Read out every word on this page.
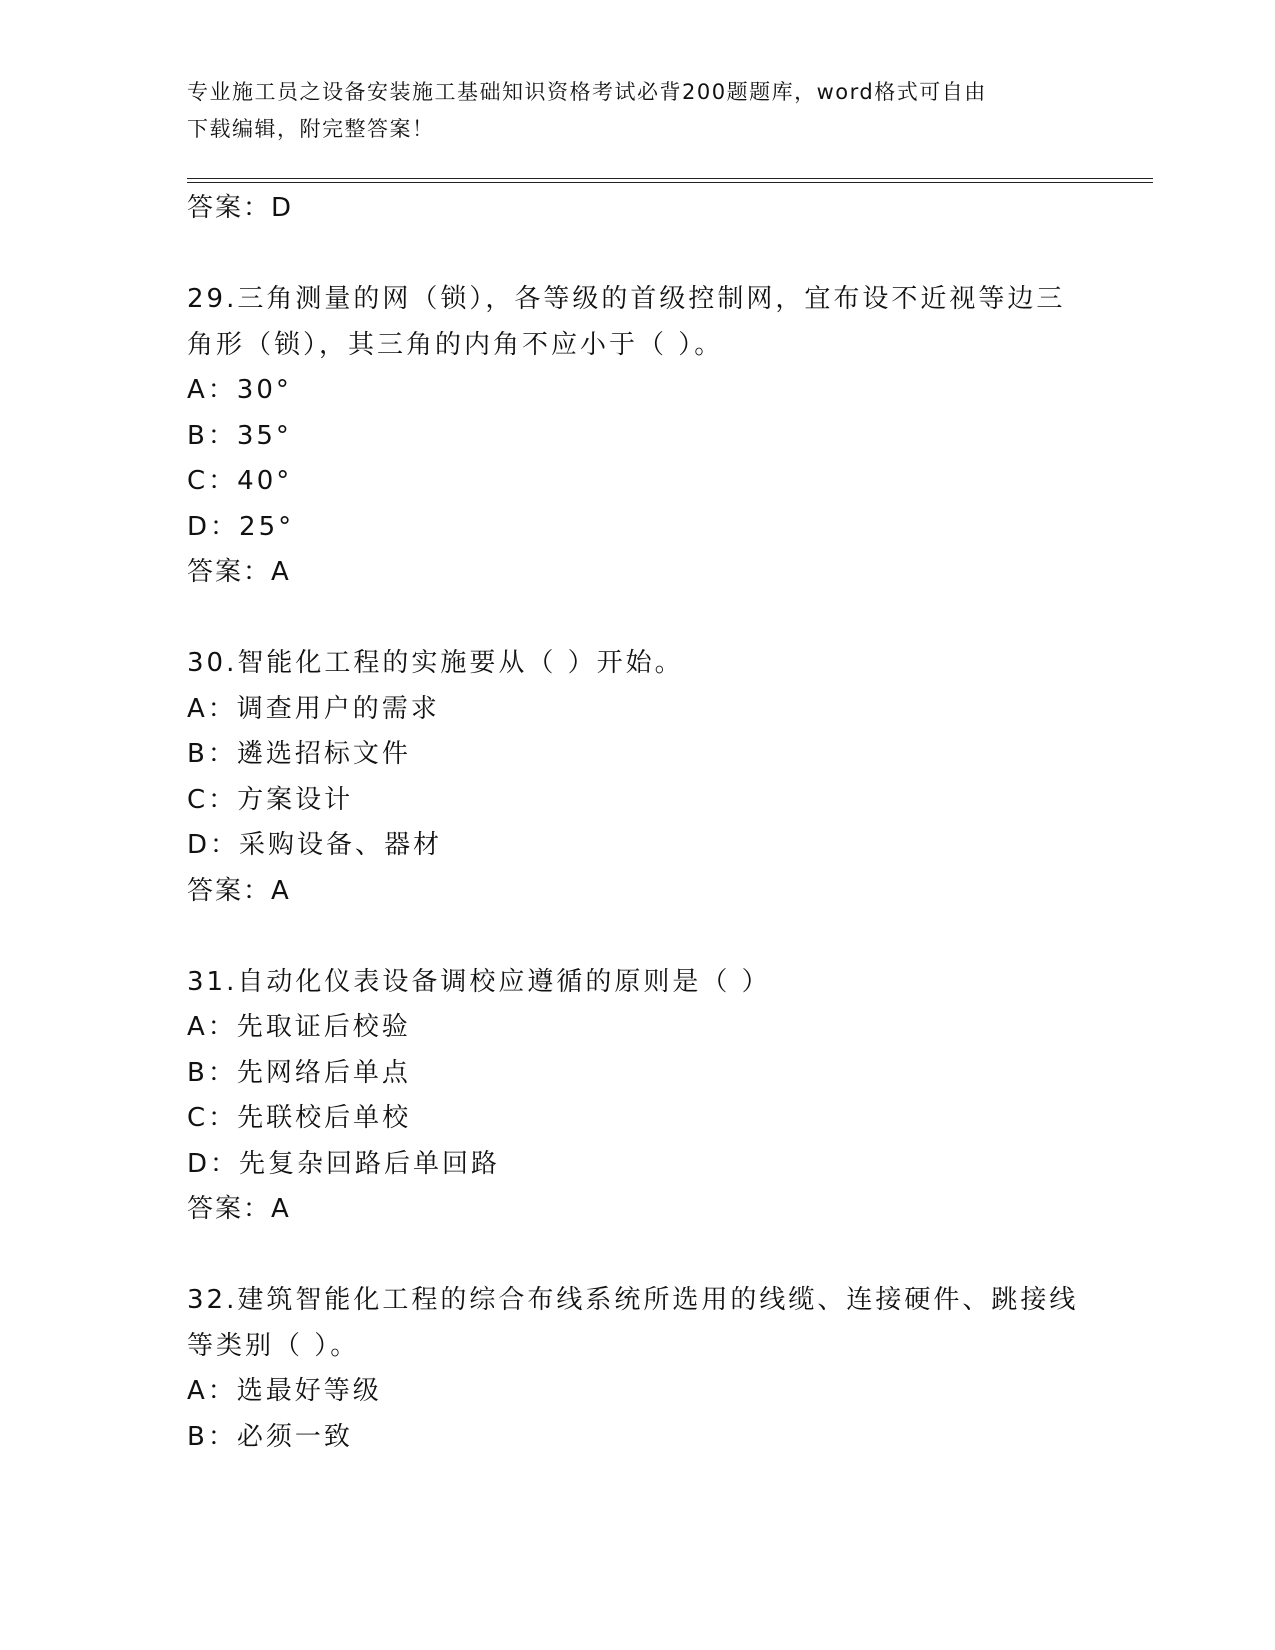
专业施工员之设备安装施工基础知识资格考试必背200题题库，word格式可自由
下载编辑，附完整答案！
答案：D
29.三角测量的网（锁），各等级的首级控制网，宜布设不近视等边三
角形（锁），其三角的内角不应小于（ ）。
A：30°
B：35°
C：40°
D：25°
答案：A
30.智能化工程的实施要从（ ）开始。
A：调查用户的需求
B：遴选招标文件
C：方案设计
D：采购设备、器材
答案：A
31.自动化仪表设备调校应遵循的原则是（ ）
A：先取证后校验
B：先网络后单点
C：先联校后单校
D：先复杂回路后单回路
答案：A
32.建筑智能化工程的综合布线系统所选用的线缆、连接硬件、跳接线
等类别（ ）。
A：选最好等级
B：必须一致
